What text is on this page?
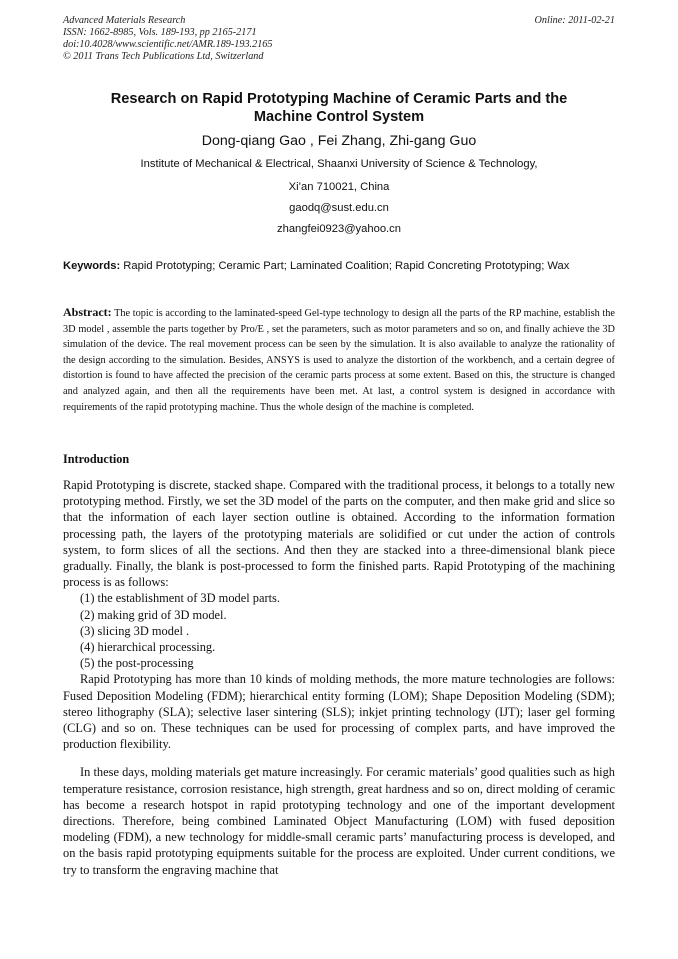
Advanced Materials Research	Online: 2011-02-21
ISSN: 1662-8985, Vols. 189-193, pp 2165-2171
doi:10.4028/www.scientific.net/AMR.189-193.2165
© 2011 Trans Tech Publications Ltd, Switzerland
Research on Rapid Prototyping Machine of Ceramic Parts and the
Machine Control System
Dong-qiang Gao , Fei Zhang, Zhi-gang Guo
Institute of Mechanical & Electrical, Shaanxi University of Science & Technology,
Xi’an 710021, China
gaodq@sust.edu.cn
zhangfei0923@yahoo.cn
Keywords: Rapid Prototyping; Ceramic Part; Laminated Coalition; Rapid Concreting Prototyping; Wax
Abstract: The topic is according to the laminated-speed Gel-type technology to design all the parts of the RP machine, establish the 3D model , assemble the parts together by Pro/E , set the parameters, such as motor parameters and so on, and finally achieve the 3D simulation of the device. The real movement process can be seen by the simulation. It is also available to analyze the rationality of the design according to the simulation. Besides, ANSYS is used to analyze the distortion of the workbench, and a certain degree of distortion is found to have affected the precision of the ceramic parts process at some extent. Based on this, the structure is changed and analyzed again, and then all the requirements have been met. At last, a control system is designed in accordance with requirements of the rapid prototyping machine. Thus the whole design of the machine is completed.
Introduction

Rapid Prototyping is discrete, stacked shape. Compared with the traditional process, it belongs to a totally new prototyping method. Firstly, we set the 3D model of the parts on the computer, and then make grid and slice so that the information of each layer section outline is obtained. According to the information formation processing path, the layers of the prototyping materials are solidified or cut under the action of controls system, to form slices of all the sections. And then they are stacked into a three-dimensional blank piece gradually. Finally, the blank is post-processed to form the finished parts. Rapid Prototyping of the machining process is as follows:

(1) the establishment of 3D model parts.
(2) making grid of 3D model.
(3) slicing 3D model .
(4) hierarchical processing.
(5) the post-processing

Rapid Prototyping has more than 10 kinds of molding methods, the more mature technologies are follows: Fused Deposition Modeling (FDM); hierarchical entity forming (LOM); Shape Deposition Modeling (SDM); stereo lithography (SLA); selective laser sintering (SLS); inkjet printing technology (IJT); laser gel forming (CLG) and so on. These techniques can be used for processing of complex parts, and have improved the production flexibility.

In these days, molding materials get mature increasingly. For ceramic materials’ good qualities such as high temperature resistance, corrosion resistance, high strength, great hardness and so on, direct molding of ceramic has become a research hotspot in rapid prototyping technology and one of the important development directions. Therefore, being combined Laminated Object Manufacturing (LOM) with fused deposition modeling (FDM), a new technology for middle-small ceramic parts’ manufacturing process is developed, and on the basis rapid prototyping equipments suitable for the process are exploited. Under current conditions, we try to transform the engraving machine that
